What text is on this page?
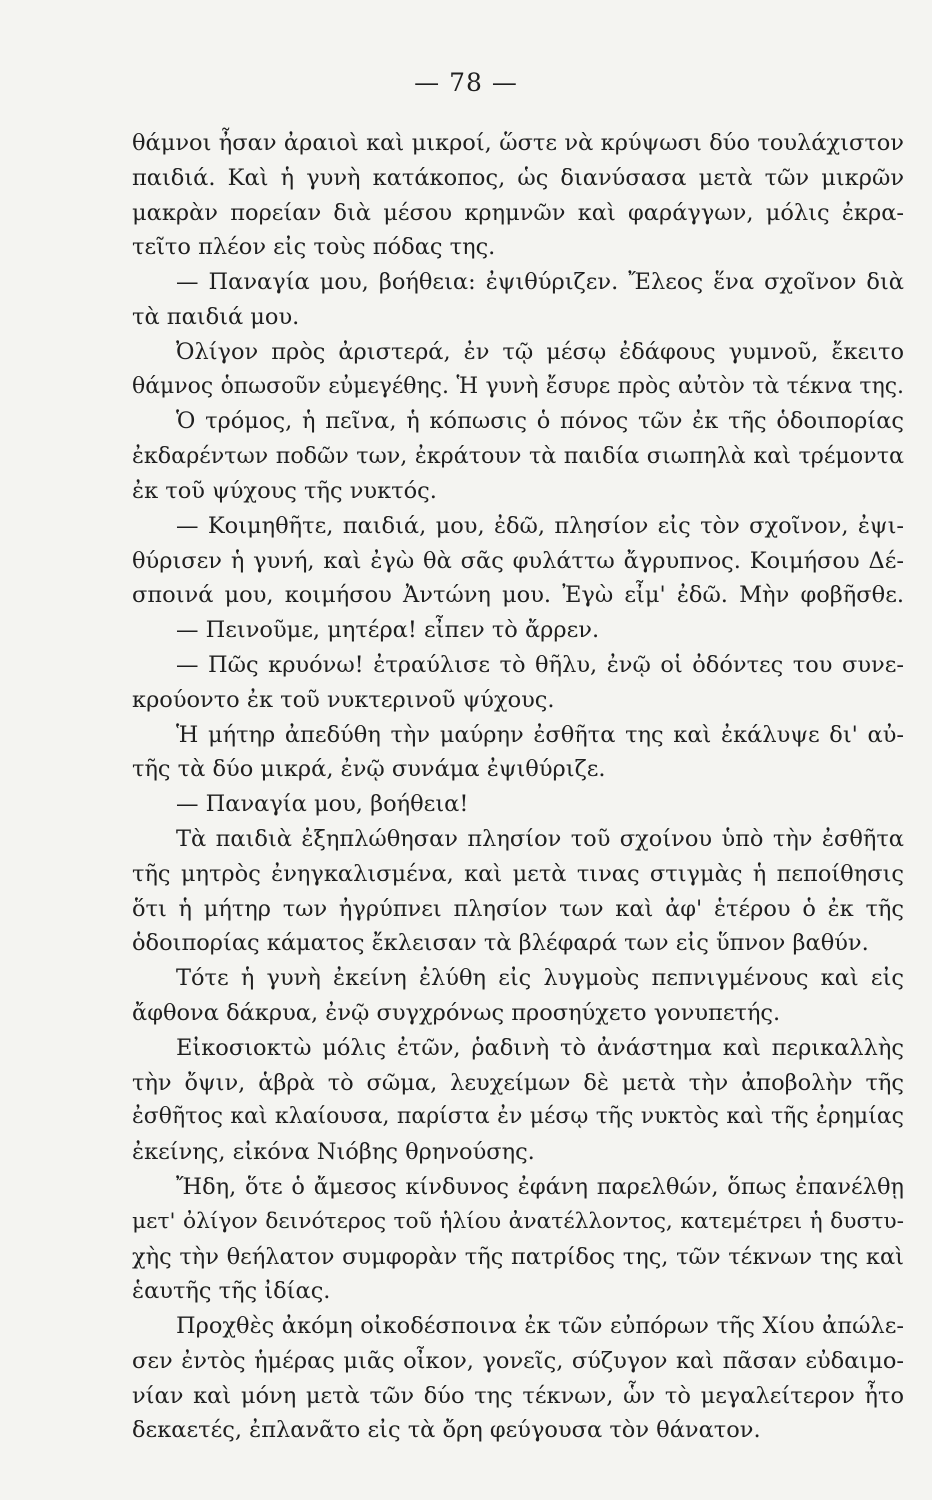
— 78 —
θάμνοι ἦσαν ἀραιοὶ καὶ μικροί, ὥστε νὰ κρύψωσι δύο τουλάχιστον
παιδιά. Καὶ ἡ γυνὴ κατάκοπος, ὡς διανύσασα μετὰ τῶν μικρῶν
μακρὰν πορείαν διὰ μέσου κρημνῶν καὶ φαράγγων, μόλις ἐκρα-
τεῖτο πλέον εἰς τοὺς πόδας της.
— Παναγία μου, βοήθεια: ἐψιθύριζεν. Ἔλεος ἕνα σχοῖνον διὰ
τὰ παιδιά μου.
Ὀλίγον πρὸς ἀριστερά, ἐν τῷ μέσῳ ἐδάφους γυμνοῦ, ἔκειτο
θάμνος ὁπωσοῦν εὐμεγέθης. Ἡ γυνὴ ἔσυρε πρὸς αὐτὸν τὰ τέκνα της.
Ὁ τρόμος, ἡ πεῖνα, ἡ κόπωσις ὁ πόνος τῶν ἐκ τῆς ὁδοιπορίας
ἐκδαρέντων ποδῶν των, ἐκράτουν τὰ παιδία σιωπηλὰ καὶ τρέμοντα
ἐκ τοῦ ψύχους τῆς νυκτός.
— Κοιμηθῆτε, παιδιά, μου, ἐδῶ, πλησίον εἰς τὸν σχοῖνον, ἐψι-
θύρισεν ἡ γυνή, καὶ ἐγὼ θὰ σᾶς φυλάττω ἄγρυπνος. Κοιμήσου Δέ-
σποινά μου, κοιμήσου Ἀντώνη μου. Ἐγὼ εἶμ' ἐδῶ. Μὴν φοβῆσθε.
— Πεινοῦμε, μητέρα! εἶπεν τὸ ἄρρεν.
— Πῶς κρυόνω! ἐτραύλισε τὸ θῆλυ, ἐνῷ οἱ ὀδόντες του συνε-
κρούοντο ἐκ τοῦ νυκτερινοῦ ψύχους.
Ἡ μήτηρ ἀπεδύθη τὴν μαύρην ἐσθῆτα της καὶ ἐκάλυψε δι' αὐ-
τῆς τὰ δύο μικρά, ἐνῷ συνάμα ἐψιθύριζε.
— Παναγία μου, βοήθεια!
Τὰ παιδιὰ ἐξηπλώθησαν πλησίον τοῦ σχοίνου ὑπὸ τὴν ἐσθῆτα
τῆς μητρὸς ἐνηγκαλισμένα, καὶ μετὰ τινας στιγμὰς ἡ πεποίθησις
ὅτι ἡ μήτηρ των ἠγρύπνει πλησίον των καὶ ἀφ' ἑτέρου ὁ ἐκ τῆς
ὁδοιπορίας κάματος ἔκλεισαν τὰ βλέφαρά των εἰς ὕπνον βαθύν.
Τότε ἡ γυνὴ ἐκείνη ἐλύθη εἰς λυγμοὺς πεπνιγμένους καὶ εἰς
ἄφθονα δάκρυα, ἐνῷ συγχρόνως προσηύχετο γονυπετής.
Εἰκοσιοκτὼ μόλις ἐτῶν, ῥαδινὴ τὸ ἀνάστημα καὶ περικαλλὴς
τὴν ὄψιν, ἁβρὰ τὸ σῶμα, λευχείμων δὲ μετὰ τὴν ἀποβολὴν τῆς
ἐσθῆτος καὶ κλαίουσα, παρίστα ἐν μέσῳ τῆς νυκτὸς καὶ τῆς ἐρημίας
ἐκείνης, εἰκόνα Νιόβης θρηνούσης.
Ἤδη, ὅτε ὁ ἄμεσος κίνδυνος ἐφάνη παρελθών, ὅπως ἐπανέλθῃ
μετ' ὀλίγον δεινότερος τοῦ ἡλίου ἀνατέλλοντος, κατεμέτρει ἡ δυστυ-
χὴς τὴν θεήλατον συμφορὰν τῆς πατρίδος της, τῶν τέκνων της καὶ
ἑαυτῆς τῆς ἰδίας.
Προχθὲς ἀκόμη οἰκοδέσποινα ἐκ τῶν εὐπόρων τῆς Χίου ἀπώλε-
σεν ἐντὸς ἡμέρας μιᾶς οἶκον, γονεῖς, σύζυγον καὶ πᾶσαν εὐδαιμο-
νίαν καὶ μόνη μετὰ τῶν δύο της τέκνων, ὧν τὸ μεγαλείτερον ἦτο
δεκαετές, ἐπλανᾶτο εἰς τὰ ὄρη φεύγουσα τὸν θάνατον.
